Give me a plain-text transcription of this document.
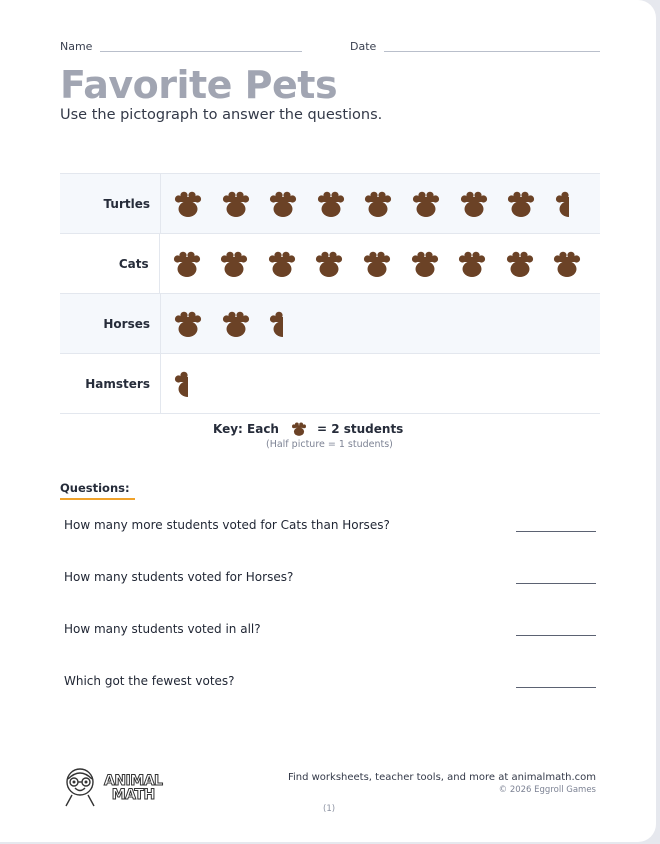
Name	Date
Favorite Pets

Use the pictograph to answer the questions.

Turtles
Cats
Horses
Hamsters
Key: Each	= 2 students
(Half picture = 1 students)
Questions:
How many more students voted for Cats than Horses?
How many students voted for Horses?
How many students voted in all?
Which got the fewest votes?
ANIMAL
MATH
Find worksheets, teacher tools, and more at animalmath.com
© 2026 Eggroll Games
(1)
